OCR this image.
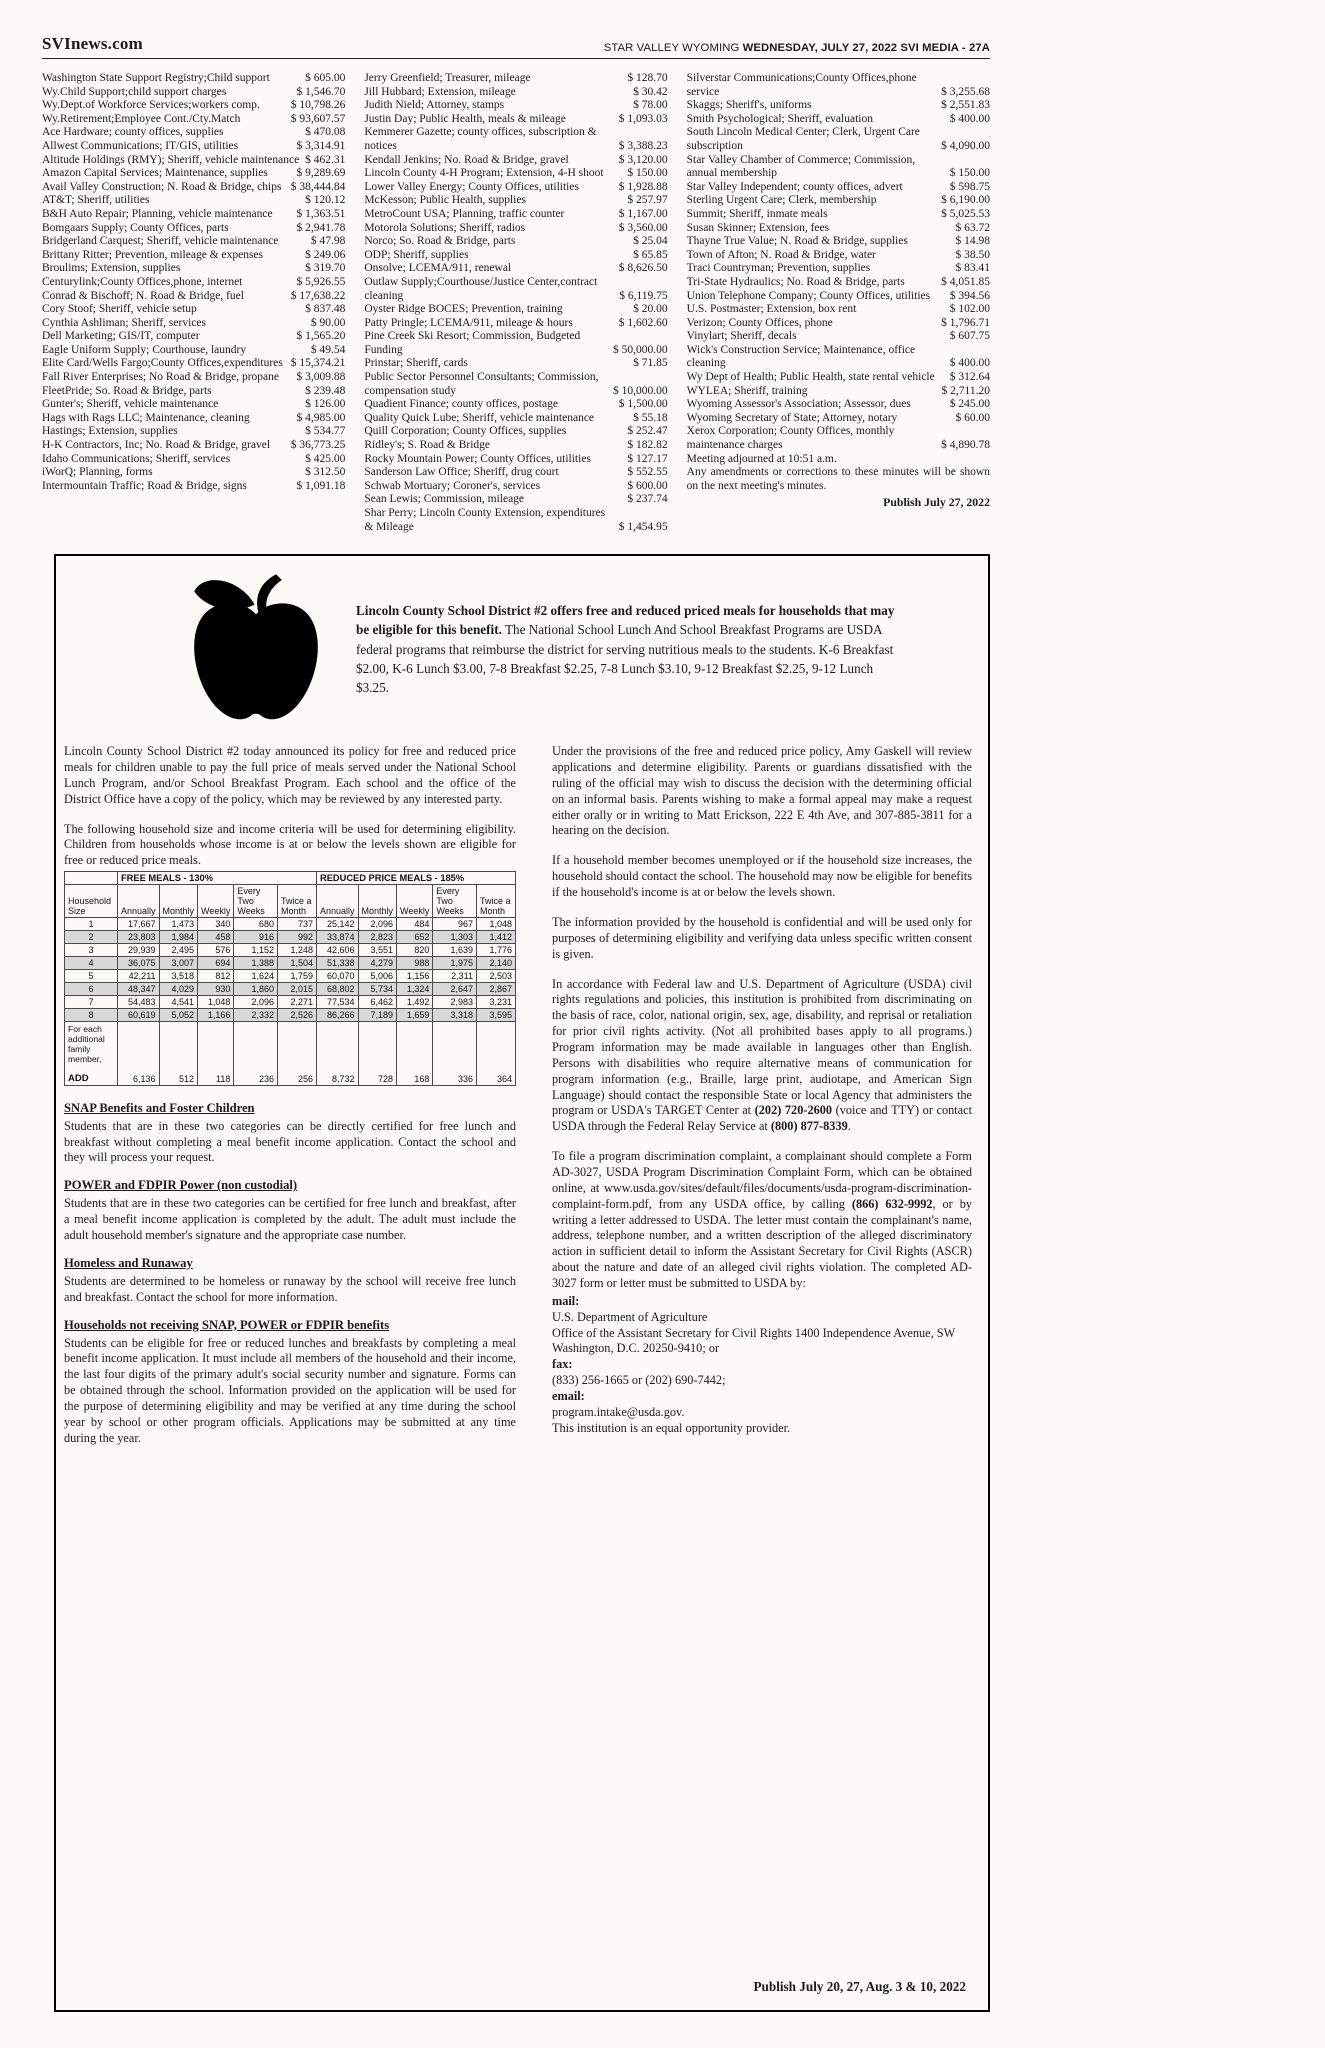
SVInews.com	STAR VALLEY WYOMING WEDNESDAY, JULY 27, 2022 SVI MEDIA - 27A
Washington State Support Registry;Child support	$ 605.00
Wy.Child Support;child support charges	$ 1,546.70
Wy.Dept.of Workforce Services;workers comp.	$ 10,798.26
Wy.Retirement;Employee Cont./Cty.Match	$ 93,607.57
Ace Hardware; county offices, supplies	$ 470.08
Allwest Communications; IT/GIS, utilities	$ 3,314.91
Altitude Holdings (RMY); Sheriff, vehicle maintenance $ 462.31
Amazon Capital Services; Maintenance, supplies	$ 9,289.69
Avail Valley Construction; N. Road & Bridge, chips $ 38,444.84
AT&T; Sheriff, utilities	$ 120.12
B&H Auto Repair; Planning, vehicle maintenance	$ 1,363.51
Bomgaars Supply; County Offices, parts	$ 2,941.78
Bridgerland Carquest; Sheriff, vehicle maintenance	$ 47.98
Brittany Ritter; Prevention, mileage & expenses	$ 249.06
Broulims; Extension, supplies	$ 319.70
Centurylink;County Offices,phone, internet	$ 5,926.55
Conrad & Bischoff; N. Road & Bridge, fuel	$ 17,638.22
Cory Stoof; Sheriff, vehicle setup	$ 837.48
Cynthia Ashliman; Sheriff, services	$ 90.00
Dell Marketing; GIS/IT, computer	$ 1,565.20
Eagle Uniform Supply; Courthouse, laundry	$ 49.54
Elite Card/Wells Fargo;County Offices,expenditures $ 15,374.21
Fall River Enterprises; No Road & Bridge, propane	$ 3,009.88
FleetPride; So. Road & Bridge, parts	$ 239.48
Gunter's; Sheriff, vehicle maintenance	$ 126.00
Hags with Rags LLC; Maintenance, cleaning	$ 4,985.00
Hastings; Extension, supplies	$ 534.77
H-K Contractors, Inc; No. Road & Bridge, gravel	$ 36,773.25
Idaho Communications; Sheriff, services	$ 425.00
iWorQ; Planning, forms	$ 312.50
Intermountain Traffic; Road & Bridge, signs	$ 1,091.18
Jerry Greenfield; Treasurer, mileage	$ 128.70
Jill Hubbard; Extension, mileage	$ 30.42
Judith Nield; Attorney, stamps	$ 78.00
Justin Day; Public Health, meals & mileage	$ 1,093.03
Kemmerer Gazette; county offices, subscription & notices	$ 3,388.23
Kendall Jenkins; No. Road & Bridge, gravel	$ 3,120.00
Lincoln County 4-H Program; Extension, 4-H shoot	$ 150.00
Lower Valley Energy; County Offices, utilities	$ 1,928.88
McKesson; Public Health, supplies	$ 257.97
MetroCount USA; Planning, traffic counter	$ 1,167.00
Motorola Solutions; Sheriff, radios	$ 3,560.00
Norco; So. Road & Bridge, parts	$ 25.04
ODP; Sheriff, supplies	$ 65.85
Onsolve; LCEMA/911, renewal	$ 8,626.50
Outlaw Supply;Courthouse/Justice Center,contract cleaning	$ 6,119.75
Oyster Ridge BOCES; Prevention, training	$ 20.00
Patty Pringle; LCEMA/911, mileage & hours	$ 1,602.60
Pine Creek Ski Resort; Commission, Budgeted Funding	$ 50,000.00
Prinstar; Sheriff, cards	$ 71.85
Public Sector Personnel Consultants; Commission, compensation study	$ 10,000.00
Quadient Finance; county offices, postage	$ 1,500.00
Quality Quick Lube; Sheriff, vehicle maintenance	$ 55.18
Quill Corporation; County Offices, supplies	$ 252.47
Ridley's; S. Road & Bridge	$ 182.82
Rocky Mountain Power; County Offices, utilities	$ 127.17
Sanderson Law Office; Sheriff, drug court	$ 552.55
Schwab Mortuary; Coroner's, services	$ 600.00
Sean Lewis; Commission, mileage	$ 237.74
Shar Perry; Lincoln County Extension, expenditures & Mileage	$ 1,454.95
Silverstar Communications;County Offices,phone service	$ 3,255.68
Skaggs; Sheriff's, uniforms	$ 2,551.83
Smith Psychological; Sheriff, evaluation	$ 400.00
South Lincoln Medical Center; Clerk, Urgent Care subscription	$ 4,090.00
Star Valley Chamber of Commerce; Commission, annual membership	$ 150.00
Star Valley Independent; county offices, advert	$ 598.75
Sterling Urgent Care; Clerk, membership	$ 6,190.00
Summit; Sheriff, inmate meals	$ 5,025.53
Susan Skinner; Extension, fees	$ 63.72
Thayne True Value; N. Road & Bridge, supplies	$ 14.98
Town of Afton; N. Road & Bridge, water	$ 38.50
Traci Countryman; Prevention, supplies	$ 83.41
Tri-State Hydraulics; No. Road & Bridge, parts	$ 4,051.85
Union Telephone Company; County Offices, utilities	$ 394.56
U.S. Postmaster; Extension, box rent	$ 102.00
Verizon; County Offices, phone	$ 1,796.71
Vinylart; Sheriff, decals	$ 607.75
Wick's Construction Service; Maintenance, office cleaning	$ 400.00
Wy Dept of Health; Public Health, state rental vehicle	$ 312.64
WYLEA; Sheriff, training	$ 2,711.20
Wyoming Assessor's Association; Assessor, dues	$ 245.00
Wyoming Secretary of State; Attorney, notary	$ 60.00
Xerox Corporation; County Offices, monthly maintenance charges	$ 4,890.78

Meeting adjourned at 10:51 a.m.

Any amendments or corrections to these minutes will be shown on the next meeting's minutes.

Publish July 27, 2022
Lincoln County School District #2 offers free and reduced priced meals for households that may be eligible for this benefit. The National School Lunch And School Breakfast Programs are USDA federal programs that reimburse the district for serving nutritious meals to the students. K-6 Breakfast $2.00, K-6 Lunch $3.00, 7-8 Breakfast $2.25, 7-8 Lunch $3.10, 9-12 Breakfast $2.25, 9-12 Lunch $3.25.

Lincoln County School District #2 today announced its policy for free and reduced price meals for children unable to pay the full price of meals served under the National School Lunch Program, and/or School Breakfast Program. Each school and the office of the District Office have a copy of the policy, which may be reviewed by any interested party.

The following household size and income criteria will be used for determining eligibility. Children from households whose income is at or below the levels shown are eligible for free or reduced price meals.

	FREE MEALS - 130%					REDUCED PRICE MEALS - 185%				
Household Size	Annually	Monthly	Weekly	Every Two Weeks	Twice a Month	Annually	Monthly	Weekly	Every Two Weeks	Twice a Month
1	17,667	1,473	340	680	737	25,142	2,096	484	967	1,048
2	23,803	1,984	458	916	992	33,874	2,823	652	1,303	1,412
3	29,939	2,495	576	1,152	1,248	42,606	3,551	820	1,639	1,776
4	36,075	3,007	694	1,388	1,504	51,338	4,279	988	1,975	2,140
5	42,211	3,518	812	1,624	1,759	60,070	5,006	1,156	2,311	2,503
6	48,347	4,029	930	1,860	2,015	68,802	5,734	1,324	2,647	2,867
7	54,483	4,541	1,048	2,096	2,271	77,534	6,462	1,492	2,983	3,231
8	60,619	5,052	1,166	2,332	2,526	86,266	7,189	1,659	3,318	3,595

For each additional family member,
ADD	6,136	512	118	236	256	8,732	728	168	336	364
SNAP Benefits and Foster Children

Students that are in these two categories can be directly certified for free lunch and breakfast without completing a meal benefit income application. Contact the school and they will process your request.

POWER and FDPIR Power (non custodial)

Students that are in these two categories can be certified for free lunch and breakfast, after a meal benefit income application is completed by the adult. The adult must include the adult household member's signature and the appropriate case number.

Homeless and Runaway

Students are determined to be homeless or runaway by the school will receive free lunch and breakfast. Contact the school for more information.

Households not receiving SNAP, POWER or FDPIR benefits

Students can be eligible for free or reduced lunches and breakfasts by completing a meal benefit income application. It must include all members of the household and their income, the last four digits of the primary adult's social security number and signature. Forms can be obtained through the school. Information provided on the application will be used for the purpose of determining eligibility and may be verified at any time during the school year by school or other program officials. Applications may be submitted at any time during the year.

Under the provisions of the free and reduced price policy, Amy Gaskell will review applications and determine eligibility. Parents or guardians dissatisfied with the ruling of the official may wish to discuss the decision with the determining official on an informal basis. Parents wishing to make a formal appeal may make a request either orally or in writing to Matt Erickson, 222 E 4th Ave, and 307-885-3811 for a hearing on the decision.

If a household member becomes unemployed or if the household size increases, the household should contact the school. The household may now be eligible for benefits if the household's income is at or below the levels shown.

The information provided by the household is confidential and will be used only for purposes of determining eligibility and verifying data unless specific written consent is given.

In accordance with Federal law and U.S. Department of Agriculture (USDA) civil rights regulations and policies, this institution is prohibited from discriminating on the basis of race, color, national origin, sex, age, disability, and reprisal or retaliation for prior civil rights activity. (Not all prohibited bases apply to all programs.) Program information may be made available in languages other than English. Persons with disabilities who require alternative means of communication for program information (e.g., Braille, large print, audiotape, and American Sign Language) should contact the responsible State or local Agency that administers the program or USDA's TARGET Center at (202) 720-2600 (voice and TTY) or contact USDA through the Federal Relay Service at (800) 877-8339.

To file a program discrimination complaint, a complainant should complete a Form AD-3027, USDA Program Discrimination Complaint Form, which can be obtained online, at www.usda.gov/sites/default/files/documents/usda-program-discrimination-complaint-form.pdf, from any USDA office, by calling (866) 632-9992, or by writing a letter addressed to USDA. The letter must contain the complainant's name, address, telephone number, and a written description of the alleged discriminatory action in sufficient detail to inform the Assistant Secretary for Civil Rights (ASCR) about the nature and date of an alleged civil rights violation. The completed AD-3027 form or letter must be submitted to USDA by:

mail:
U.S. Department of Agriculture
Office of the Assistant Secretary for Civil Rights 1400 Independence Avenue, SW
Washington, D.C. 20250-9410; or
fax:
(833) 256-1665 or (202) 690-7442;
email:
program.intake@usda.gov.
This institution is an equal opportunity provider.
Publish July 20, 27, Aug. 3 & 10, 2022
